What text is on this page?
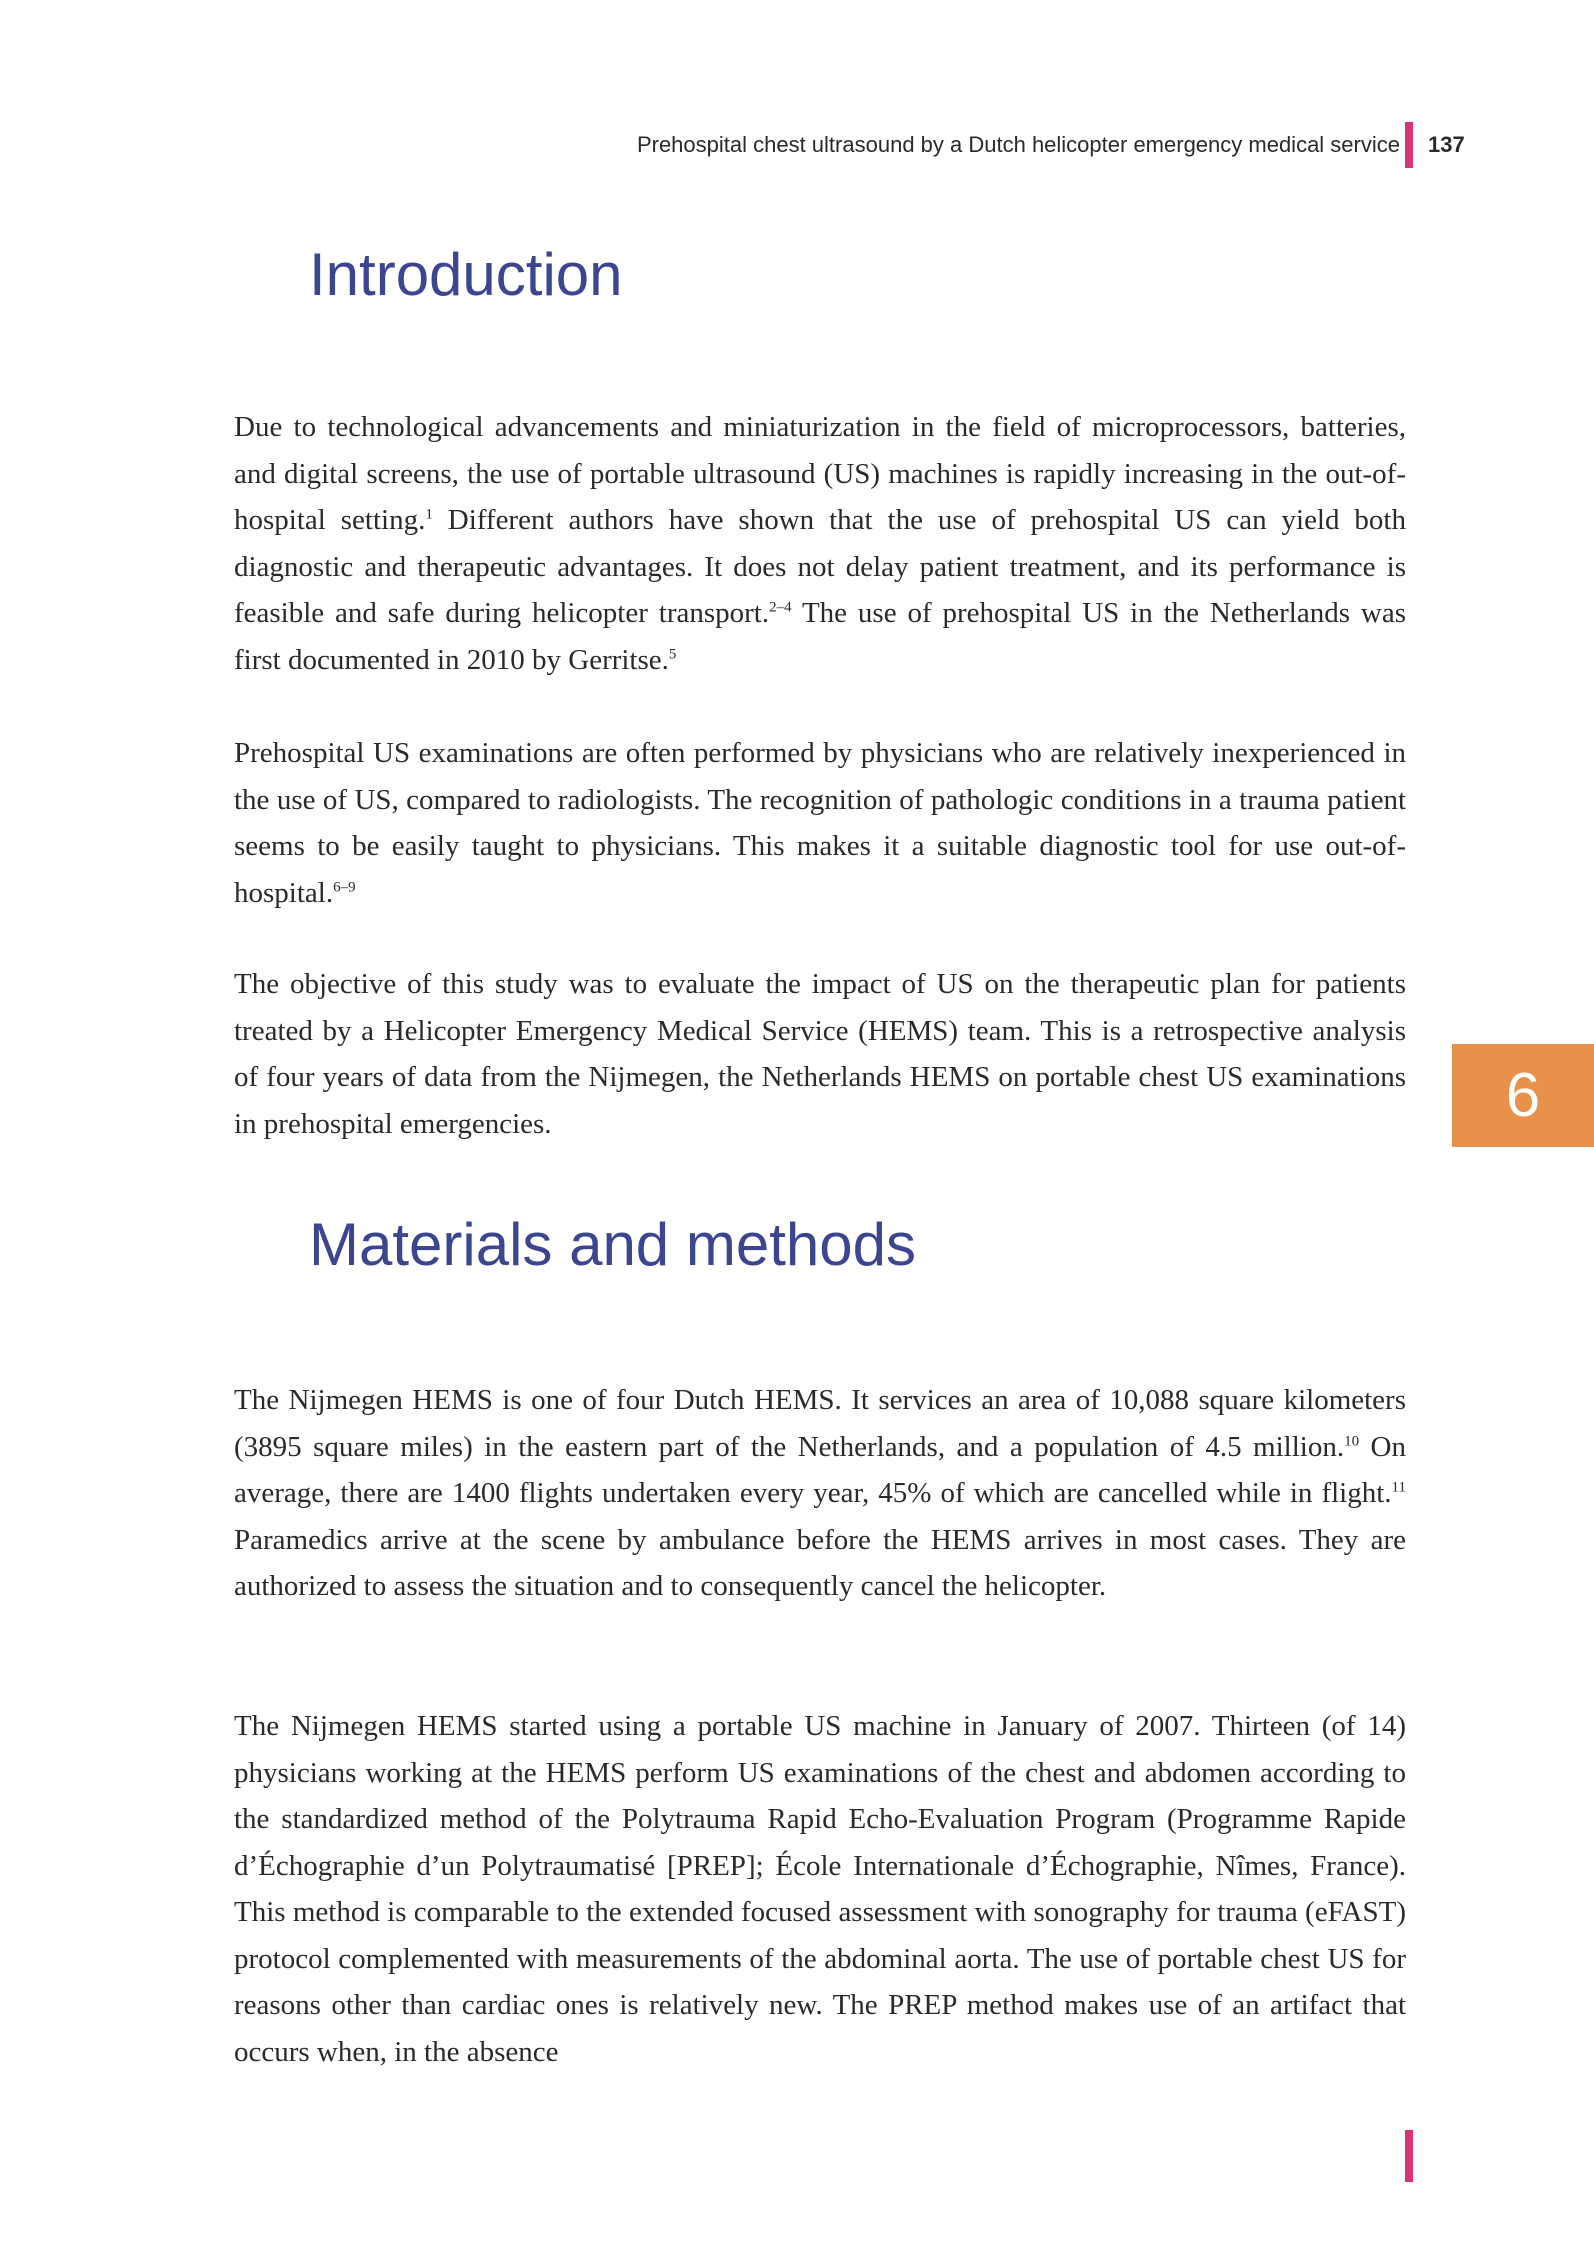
Prehospital chest ultrasound by a Dutch helicopter emergency medical service 137
Introduction

Due to technological advancements and miniaturization in the field of microprocessors, batteries, and digital screens, the use of portable ultrasound (US) machines is rapidly increasing in the out-of-hospital setting.$^1$ Different authors have shown that the use of prehospital US can yield both diagnostic and therapeutic advantages. It does not delay patient treatment, and its performance is feasible and safe during helicopter transport.$^{2-4}$ The use of prehospital US in the Netherlands was first documented in 2010 by Gerritse.$^5$

Prehospital US examinations are often performed by physicians who are relatively inexperienced in the use of US, compared to radiologists. The recognition of pathologic conditions in a trauma patient seems to be easily taught to physicians. This makes it a suitable diagnostic tool for use out-of-hospital.$^{6-9}$

The objective of this study was to evaluate the impact of US on the therapeutic plan for patients treated by a Helicopter Emergency Medical Service (HEMS) team. This is a retrospective analysis of four years of data from the Nijmegen, the Netherlands HEMS on portable chest US examinations in prehospital emergencies.	6
Materials and methods

The Nijmegen HEMS is one of four Dutch HEMS. It services an area of 10,088 square kilometers (3895 square miles) in the eastern part of the Netherlands, and a population of 4.5 million.$^{10}$ On average, there are 1400 flights undertaken every year, 45% of which are cancelled while in flight.$^{11}$ Paramedics arrive at the scene by ambulance before the HEMS arrives in most cases. They are authorized to assess the situation and to consequently cancel the helicopter.

The Nijmegen HEMS started using a portable US machine in January of 2007. Thirteen (of 14) physicians working at the HEMS perform US examinations of the chest and abdomen according to the standardized method of the Polytrauma Rapid Echo-Evaluation Program (Programme Rapide d’Échographie d’un Polytraumatisé [PREP]; École Internationale d’Échographie, Nîmes, France). This method is comparable to the extended focused assessment with sonography for trauma (eFAST) protocol complemented with measurements of the abdominal aorta. The use of portable chest US for reasons other than cardiac ones is relatively new. The PREP method makes use of an artifact that occurs when, in the absence
